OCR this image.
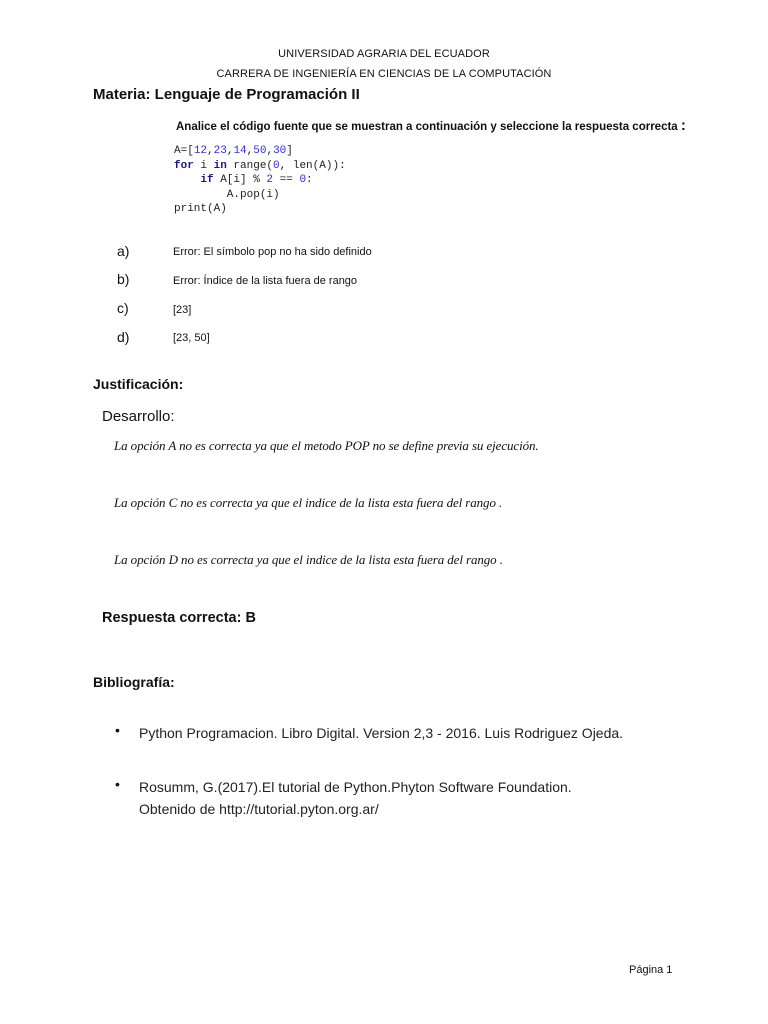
UNIVERSIDAD AGRARIA DEL ECUADOR
CARRERA DE INGENIERÍA EN CIENCIAS DE LA COMPUTACIÓN
Materia: Lenguaje de Programación II
Analice el código fuente que se muestran a continuación y seleccione la respuesta correcta :
A=[12,23,14,50,30]
for i in range(0, len(A)):
if A[i] % 2 == 0:
A.pop(i)
print(A)
a)	Error: El símbolo pop no ha sido definido
b)	Error: Índice de la lista fuera de rango
c)	[23]
d)	[23, 50]
Justificación:
Desarrollo:
La opción A no es correcta ya que el metodo POP no se define previa su ejecución.
La opción C no es correcta ya que el indice de la lista esta fuera del rango .
La opción D no es correcta ya que el indice de la lista esta fuera del rango .
Respuesta correcta: B
Bibliografía:
• Python Programacion. Libro Digital. Version 2,3 - 2016. Luis Rodriguez Ojeda.
• Rosumm, G.(2017).El tutorial de Python.Phyton Software Foundation.
Obtenido de http://tutorial.pyton.org.ar/
Página 1
